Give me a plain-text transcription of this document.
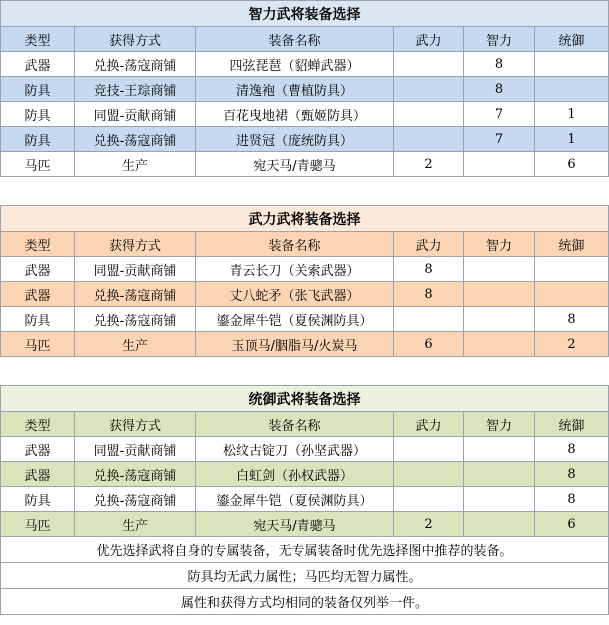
智力武将装备选择					
类型	获得方式	装备名称	武力	智力	统御
武器	兑换-荡寇商铺	四弦琵琶（貂蝉武器）		8	
防具	竞技-王琮商铺	清逸袍（曹植防具）		8	
防具	同盟-贡献商铺	百花曳地裙（甄姬防具）		7	1
防具	兑换-荡寇商铺	进贤冠（庞统防具）		7	1
马匹	生产	宛天马/青骢马	2		6

武力武将装备选择					
类型	获得方式	装备名称	武力	智力	统御
武器	同盟-贡献商铺	青云长刀（关索武器）	8		
武器	兑换-荡寇商铺	丈八蛇矛（张飞武器）	8		
防具	兑换-荡寇商铺	鎏金犀牛铠（夏侯渊防具）			8
马匹	生产	玉顶马/胭脂马/火炭马	6		2

统御武将装备选择					
类型	获得方式	装备名称	武力	智力	统御
武器	同盟-贡献商铺	松纹古锭刀（孙坚武器）			8
武器	兑换-荡寇商铺	白虹剑（孙权武器）			8
防具	兑换-荡寇商铺	鎏金犀牛铠（夏侯渊防具）			8
马匹	生产	宛天马/青骢马	2		6
优先选择武将自身的专属装备，无专属装备时优先选择图中推荐的装备。					
防具均无武力属性；马匹均无智力属性。					
属性和获得方式均相同的装备仅列举一件。					
